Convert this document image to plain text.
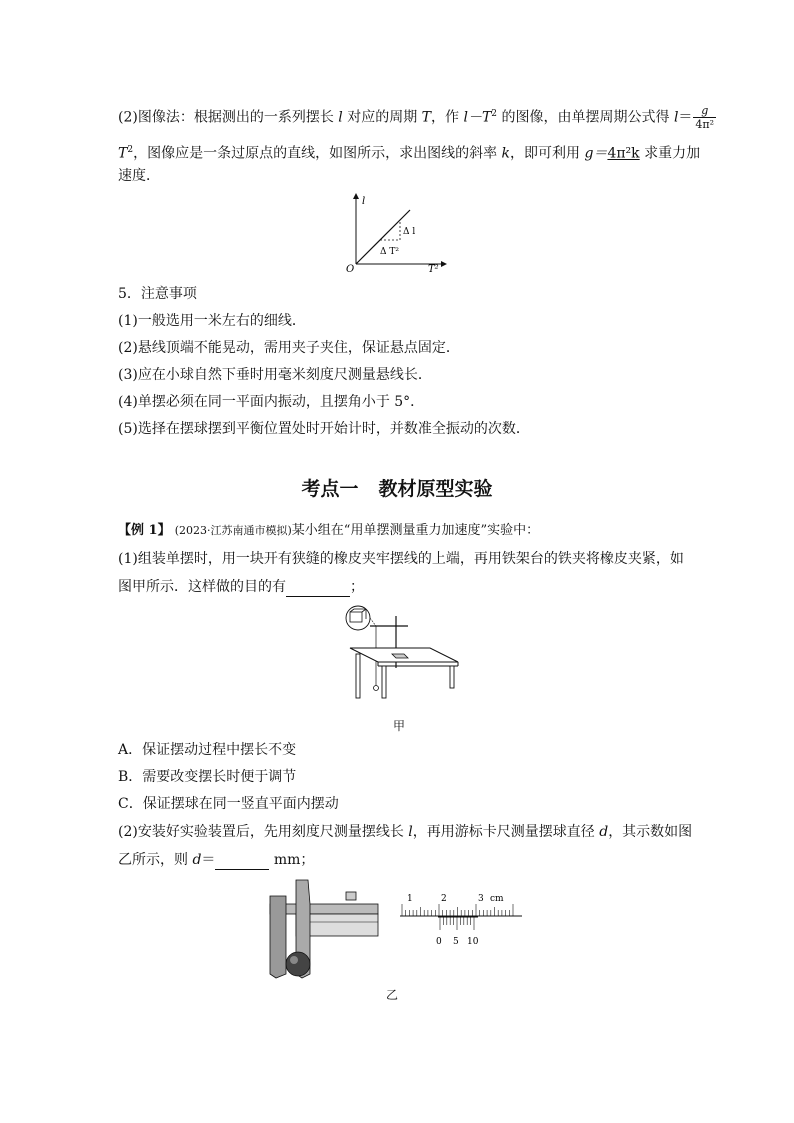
(2)图像法：根据测出的一系列摆长 l 对应的周期 T，作 $l-T^2$ 的图像，由单摆周期公式得 $l= \frac{g}{\text{4π²}}$
$T^2$，图像应是一条过原点的直线，如图所示，求出图线的斜率 k，即可利用 g＝4π²k 求重力加
速度．
l
T²
O
Δ l
Δ T²
5．注意事项
(1)一般选用一米左右的细线．
(2)悬线顶端不能晃动，需用夹子夹住，保证悬点固定．
(3)应在小球自然下垂时用毫米刻度尺测量悬线长．
(4)单摆必须在同一平面内振动，且摆角小于 5°．
(5)选择在摆球摆到平衡位置处时开始计时，并数准全振动的次数．
考点一 教材原型实验
【例 1】 (2023·江苏南通市模拟)某小组在“用单摆测量重力加速度”实验中：
(1)组装单摆时，用一块开有狭缝的橡皮夹牢摆线的上端，再用铁架台的铁夹将橡皮夹紧，如
图甲所示．这样做的目的有	；
甲
A．保证摆动过程中摆长不变
B．需要改变摆长时便于调节
C．保证摆球在同一竖直平面内摆动
(2)安装好实验装置后，先用刻度尺测量摆线长 l，再用游标卡尺测量摆球直径 d，其示数如图
乙所示，则 d＝	mm；
1	2	3 cm
0 5 10
乙
